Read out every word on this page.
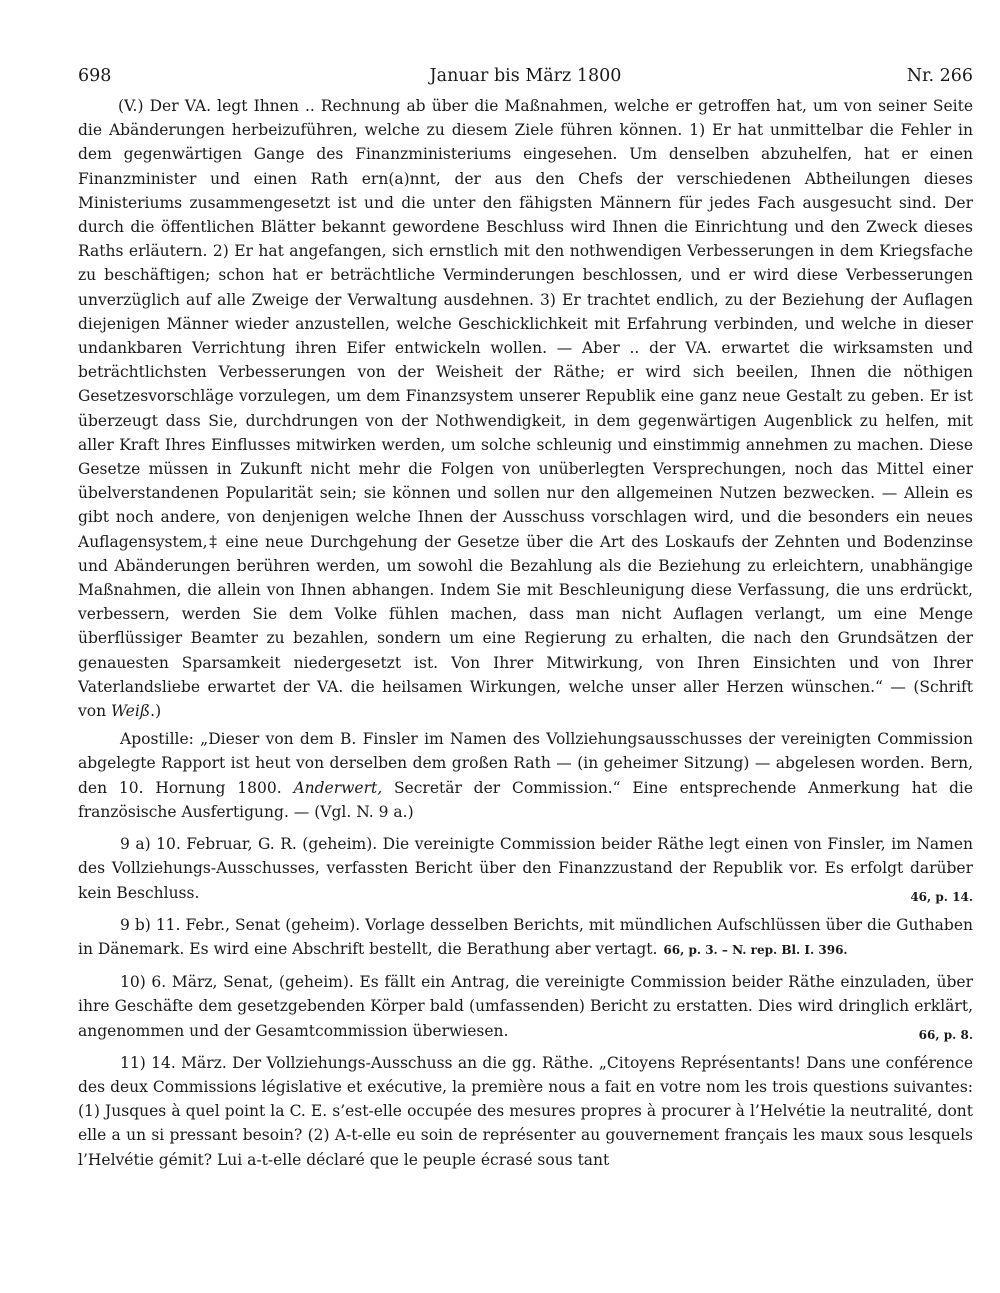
698	Januar bis März 1800	Nr. 266

(V.) Der VA. legt Ihnen .. Rechnung ab über die Maßnahmen, welche er getroffen hat, um von seiner Seite die Abänderungen herbeizuführen, welche zu diesem Ziele führen können. 1) Er hat unmittelbar die Fehler in dem gegenwärtigen Gange des Finanzministeriums eingesehen. Um denselben abzuhelfen, hat er einen Finanzminister und einen Rath ern(a)nnt, der aus den Chefs der verschiedenen Abtheilungen dieses Ministeriums zusammengesetzt ist und die unter den fähigsten Männern für jedes Fach ausgesucht sind. Der durch die öffentlichen Blätter bekannt gewordene Beschluss wird Ihnen die Einrichtung und den Zweck dieses Raths erläutern. 2) Er hat angefangen, sich ernstlich mit den nothwendigen Verbesserungen in dem Kriegsfache zu beschäftigen; schon hat er beträchtliche Verminderungen beschlossen, und er wird diese Verbesserungen unverzüglich auf alle Zweige der Verwaltung ausdehnen. 3) Er trachtet endlich, zu der Beziehung der Auflagen diejenigen Männer wieder anzustellen, welche Geschicklichkeit mit Erfahrung verbinden, und welche in dieser undankbaren Verrichtung ihren Eifer entwickeln wollen. — Aber .. der VA. erwartet die wirksamsten und beträchtlichsten Verbesserungen von der Weisheit der Räthe; er wird sich beeilen, Ihnen die nöthigen Gesetzesvorschläge vorzulegen, um dem Finanzsystem unserer Republik eine ganz neue Gestalt zu geben. Er ist überzeugt dass Sie, durchdrungen von der Nothwendigkeit, in dem gegenwärtigen Augenblick zu helfen, mit aller Kraft Ihres Einflusses mitwirken werden, um solche schleunig und einstimmig annehmen zu machen. Diese Gesetze müssen in Zukunft nicht mehr die Folgen von unüberlegten Versprechungen, noch das Mittel einer übelverstandenen Popularität sein; sie können und sollen nur den allgemeinen Nutzen bezwecken. — Allein es gibt noch andere, von denjenigen welche Ihnen der Ausschuss vorschlagen wird, und die besonders ein neues Auflagensystem,‡ eine neue Durchgehung der Gesetze über die Art des Loskaufs der Zehnten und Bodenzinse und Abänderungen berühren werden, um sowohl die Bezahlung als die Beziehung zu erleichtern, unabhängige Maßnahmen, die allein von Ihnen abhangen. Indem Sie mit Beschleunigung diese Verfassung, die uns erdrückt, verbessern, werden Sie dem Volke fühlen machen, dass man nicht Auflagen verlangt, um eine Menge überflüssiger Beamter zu bezahlen, sondern um eine Regierung zu erhalten, die nach den Grundsätzen der genauesten Sparsamkeit niedergesetzt ist. Von Ihrer Mitwirkung, von Ihren Einsichten und von Ihrer Vaterlandsliebe erwartet der VA. die heilsamen Wirkungen, welche unser aller Herzen wünschen.“ — (Schrift von Weiß.)

Apostille: „Dieser von dem B. Finsler im Namen des Vollziehungsausschusses der vereinigten Commission abgelegte Rapport ist heut von derselben dem großen Rath — (in geheimer Sitzung) — abgelesen worden. Bern, den 10. Hornung 1800. Anderwert, Secretär der Commission.“ Eine entsprechende Anmerkung hat die französische Ausfertigung. — (Vgl. N. 9 a.)

9 a) 10. Februar, G. R. (geheim). Die vereinigte Commission beider Räthe legt einen von Finsler, im Namen des Vollziehungs-Ausschusses, verfassten Bericht über den Finanzzustand der Republik vor. Es erfolgt darüber kein Beschluss.	46, p. 14.

9 b) 11. Febr., Senat (geheim). Vorlage desselben Berichts, mit mündlichen Aufschlüssen über die Guthaben in Dänemark. Es wird eine Abschrift bestellt, die Berathung aber vertagt. 66, p. 3. – N. rep. Bl. I. 396.

10) 6. März, Senat, (geheim). Es fällt ein Antrag, die vereinigte Commission beider Räthe einzuladen, über ihre Geschäfte dem gesetzgebenden Körper bald (umfassenden) Bericht zu erstatten. Dies wird dringlich erklärt, angenommen und der Gesamtcommission überwiesen.	66, p. 8.

11) 14. März. Der Vollziehungs-Ausschuss an die gg. Räthe. „Citoyens Représentants! Dans une conférence des deux Commissions législative et exécutive, la première nous a fait en votre nom les trois questions suivantes: (1) Jusques à quel point la C. E. s’est-elle occupée des mesures propres à procurer à l’Helvétie la neutralité, dont elle a un si pressant besoin? (2) A-t-elle eu soin de représenter au gouvernement français les maux sous lesquels l’Helvétie gémit? Lui a-t-elle déclaré que le peuple écrasé sous tant
